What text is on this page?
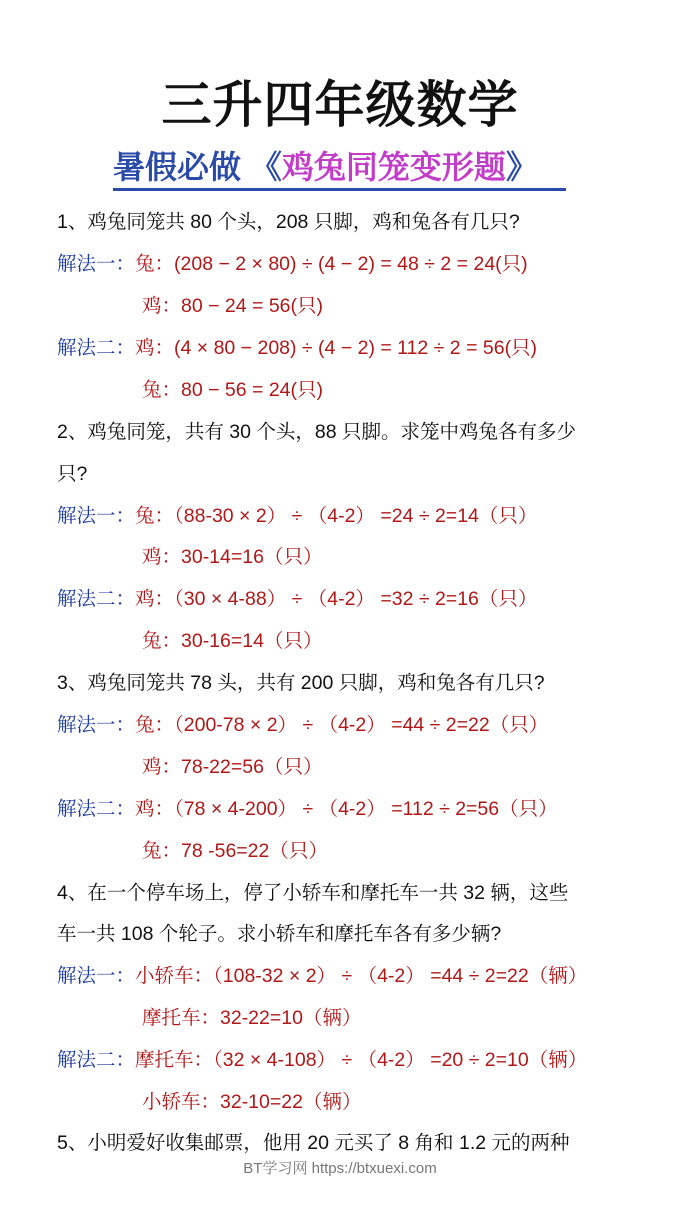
三升四年级数学
暑假必做 《鸡兔同笼变形题》
1、鸡兔同笼共 80 个头，208 只脚，鸡和兔各有几只?
解法一：兔：(208 − 2 × 80) ÷ (4 − 2) = 48 ÷ 2 = 24(只)
鸡：80 − 24 = 56(只)
解法二：鸡：(4 × 80 − 208) ÷ (4 − 2) = 112 ÷ 2 = 56(只)
兔：80 − 56 = 24(只)
2、鸡兔同笼，共有 30 个头，88 只脚。求笼中鸡兔各有多少
只?
解法一：兔：（88-30 × 2） ÷ （4-2） =24 ÷ 2=14（只）
鸡：30-14=16（只）
解法二：鸡：（30 × 4-88） ÷ （4-2） =32 ÷ 2=16（只）
兔：30-16=14（只）
3、鸡兔同笼共 78 头，共有 200 只脚，鸡和兔各有几只?
解法一：兔：（200-78 × 2） ÷ （4-2） =44 ÷ 2=22（只）
鸡：78-22=56（只）
解法二：鸡：（78 × 4-200） ÷ （4-2） =112 ÷ 2=56（只）
兔：78 -56=22（只）
4、在一个停车场上，停了小轿车和摩托车一共 32 辆，这些
车一共 108 个轮子。求小轿车和摩托车各有多少辆?
解法一：小轿车：（108-32 × 2） ÷ （4-2） =44 ÷ 2=22（辆）
摩托车：32-22=10（辆）
解法二：摩托车：（32 × 4-108） ÷ （4-2） =20 ÷ 2=10（辆）
小轿车：32-10=22（辆）
5、小明爱好收集邮票，他用 20 元买了 8 角和 1.2 元的两种
BT学习网 https://btxuexi.com
